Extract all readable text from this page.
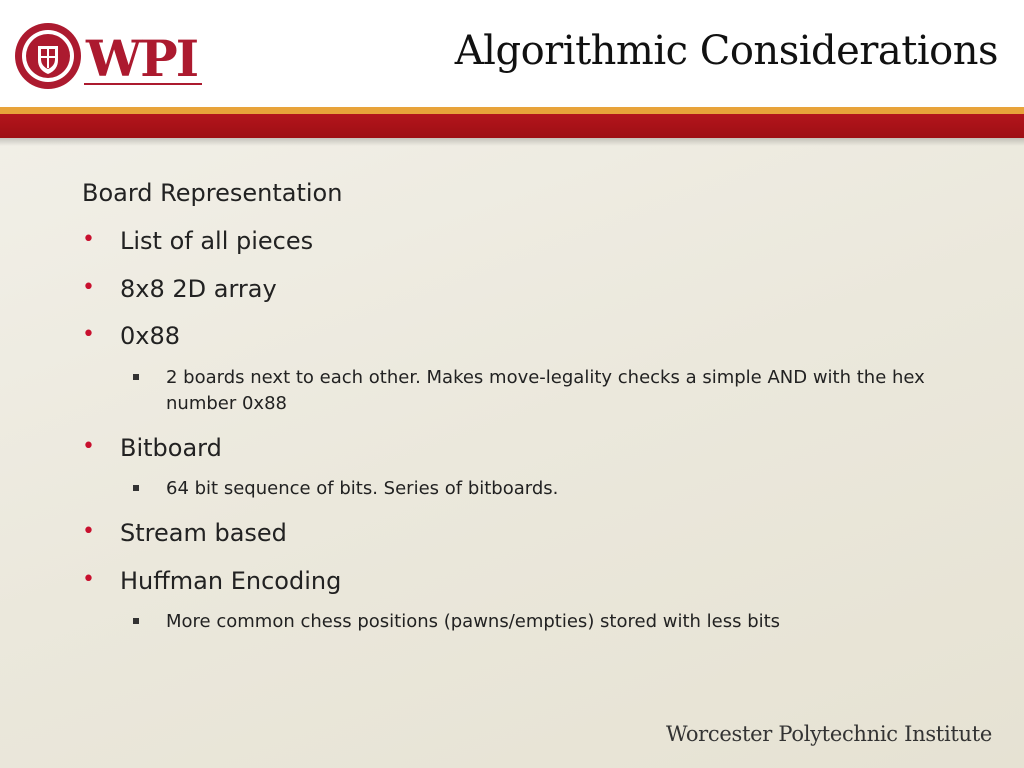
WPI	Algorithmic Considerations
Board Representation
• List of all pieces
• 8x8 2D array
• 0x88
2 boards next to each other. Makes move-legality checks a simple AND with the hex number 0x88
• Bitboard
64 bit sequence of bits. Series of bitboards.
• Stream based
• Huffman Encoding
More common chess positions (pawns/empties) stored with less bits
Worcester Polytechnic Institute
